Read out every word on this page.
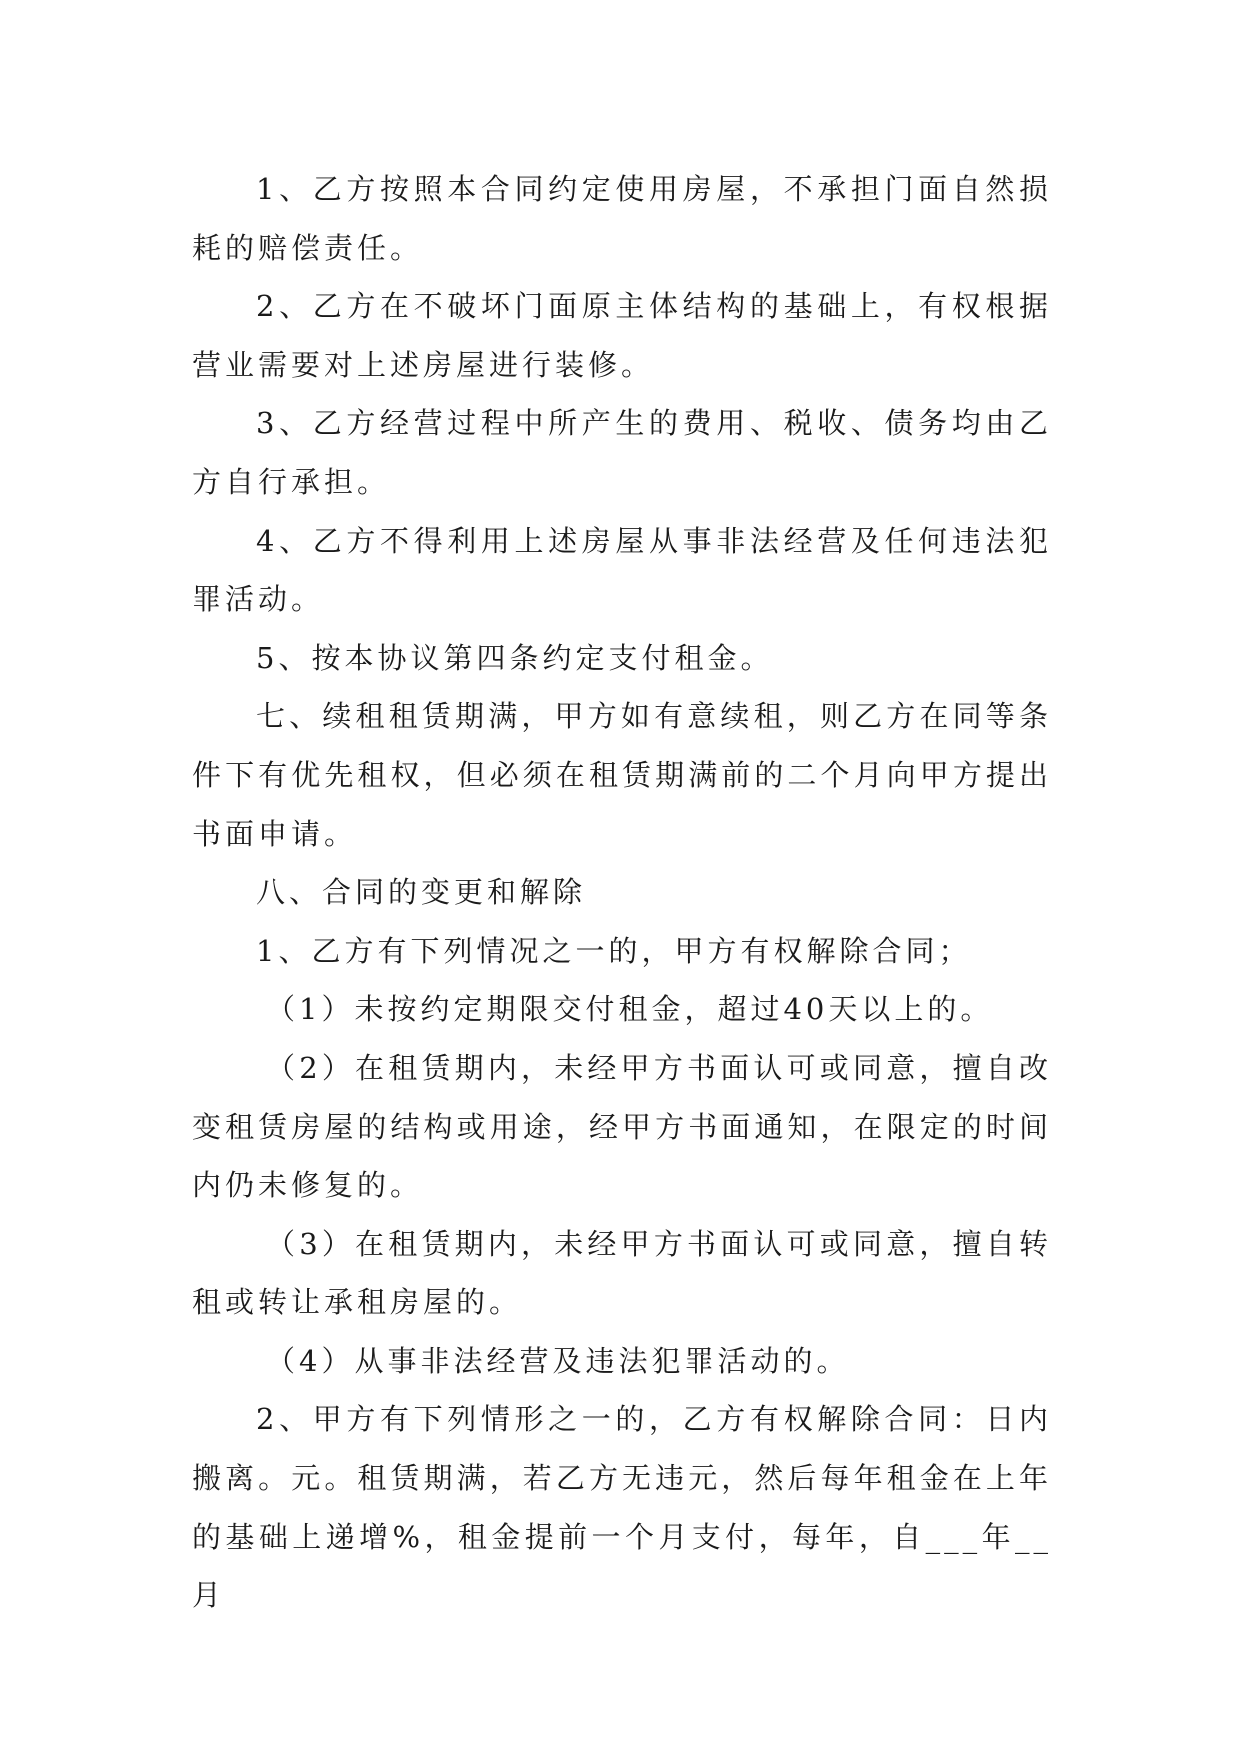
1、乙方按照本合同约定使用房屋，不承担门面自然损耗的赔偿责任。

2、乙方在不破坏门面原主体结构的基础上，有权根据营业需要对上述房屋进行装修。

3、乙方经营过程中所产生的费用、税收、债务均由乙方自行承担。

4、乙方不得利用上述房屋从事非法经营及任何违法犯罪活动。

5、按本协议第四条约定支付租金。

七、续租租赁期满，甲方如有意续租，则乙方在同等条件下有优先租权，但必须在租赁期满前的二个月向甲方提出书面申请。

八、合同的变更和解除

1、乙方有下列情况之一的，甲方有权解除合同；

（1）未按约定期限交付租金，超过40天以上的。

（2）在租赁期内，未经甲方书面认可或同意，擅自改变租赁房屋的结构或用途，经甲方书面通知，在限定的时间内仍未修复的。

（3）在租赁期内，未经甲方书面认可或同意，擅自转租或转让承租房屋的。

（4）从事非法经营及违法犯罪活动的。

2、甲方有下列情形之一的，乙方有权解除合同：日内搬离。元。租赁期满，若乙方无违元，然后每年租金在上年的基础上递增%，租金提前一个月支付，每年，自___年__月
